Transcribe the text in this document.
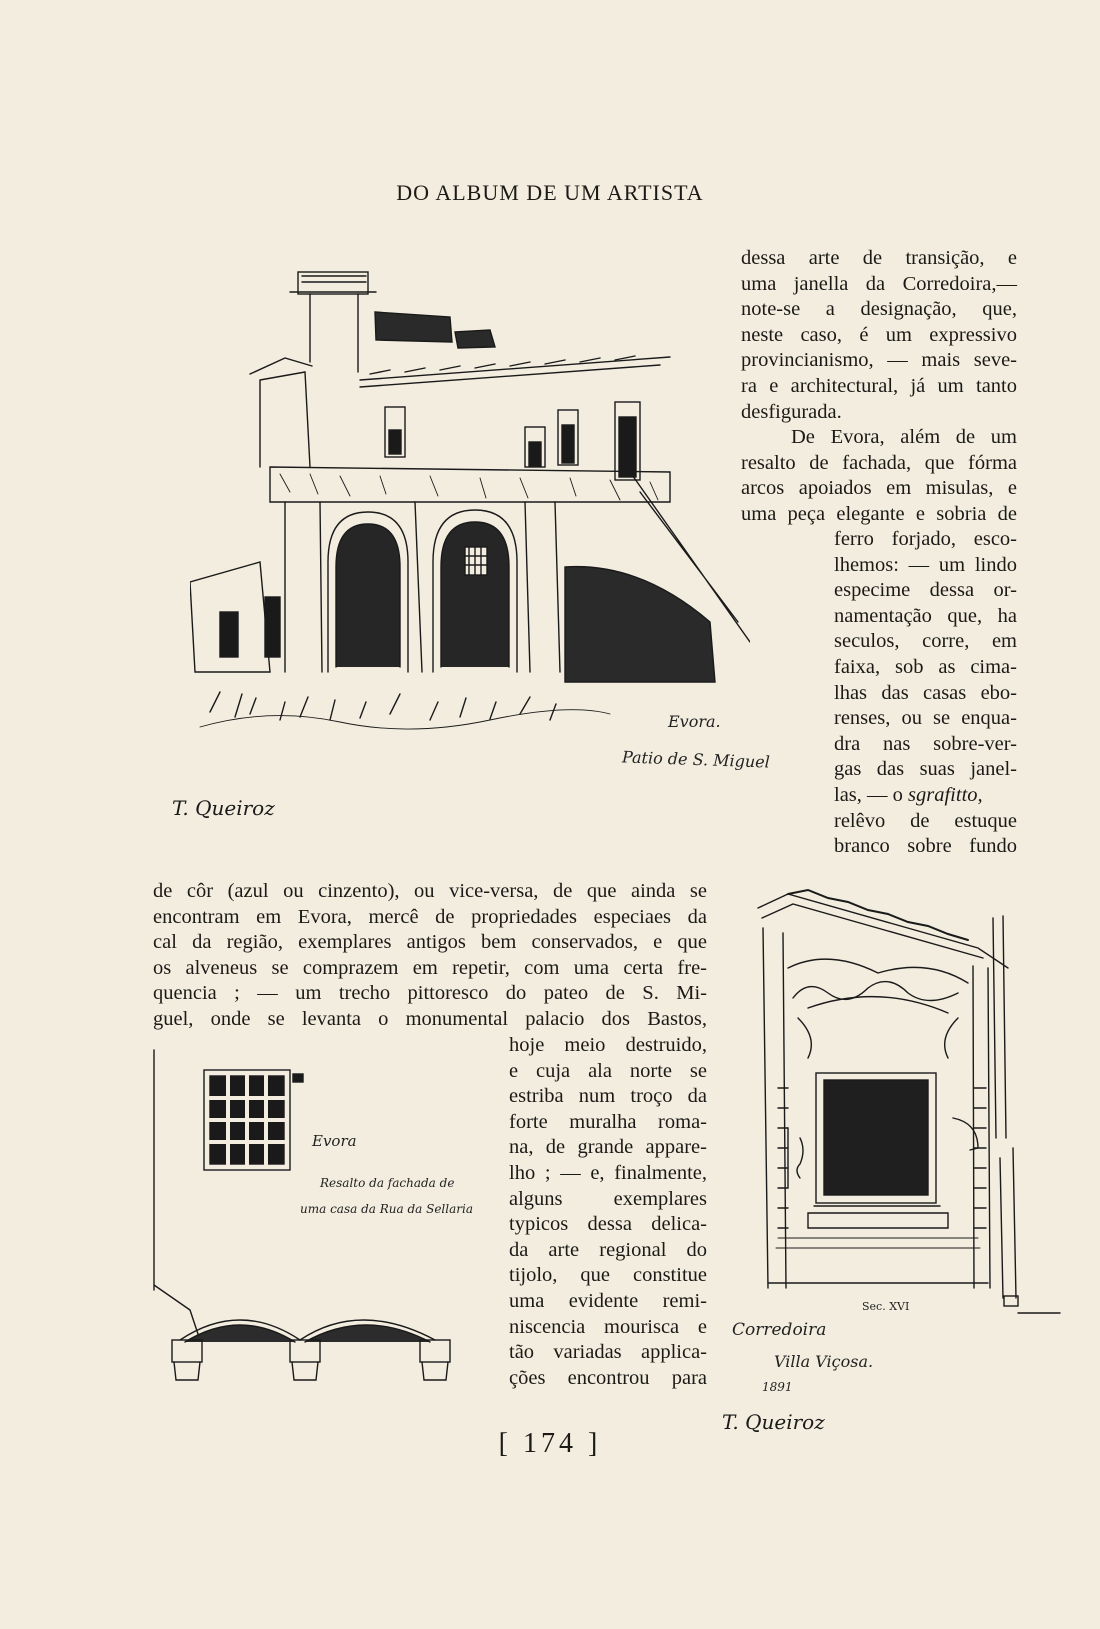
DO ALBUM DE UM ARTISTA

dessa arte de transição, e

uma janella da Corredoira,—

note-se a designação, que,

neste caso, é um expressivo

provincianismo, — mais seve-

ra e architectural, já um tanto

desfigurada.

De Evora, além de um

resalto de fachada, que fórma

arcos apoiados em misulas, e

uma peça elegante e sobria de

ferro forjado, esco-

lhemos: — um lindo

especime dessa or-

namentação que, ha

seculos, corre, em

faixa, sob as cima-

lhas das casas ebo-

renses, ou se enqua-

dra nas sobre-ver-

gas das suas janel-

las, — o sgrafitto,

relêvo de estuque

branco sobre fundo

de côr (azul ou cinzento), ou vice-versa, de que ainda se

encontram em Evora, mercê de propriedades especiaes da

cal da região, exemplares antigos bem conservados, e que

os alveneus se comprazem em repetir, com uma certa fre-

quencia ; — um trecho pittoresco do pateo de S. Mi-

guel, onde se levanta o monumental palacio dos Bastos,

hoje meio destruido,

e cuja ala norte se

estriba num troço da

forte muralha roma-

na, de grande appare-

lho ; — e, finalmente,

alguns exemplares

typicos dessa delica-

da arte regional do

tijolo, que constitue

uma evidente remi-

niscencia mourisca e

tão variadas applica-

ções encontrou para

Evora.
Patio de S. Miguel
T. Queiroz
Evora
Resalto da fachada de
uma casa da Rua da Sellaria
Sec. XVI
Corredoira
Villa Viçosa.
1891
T. Queiroz
[ 174 ]
